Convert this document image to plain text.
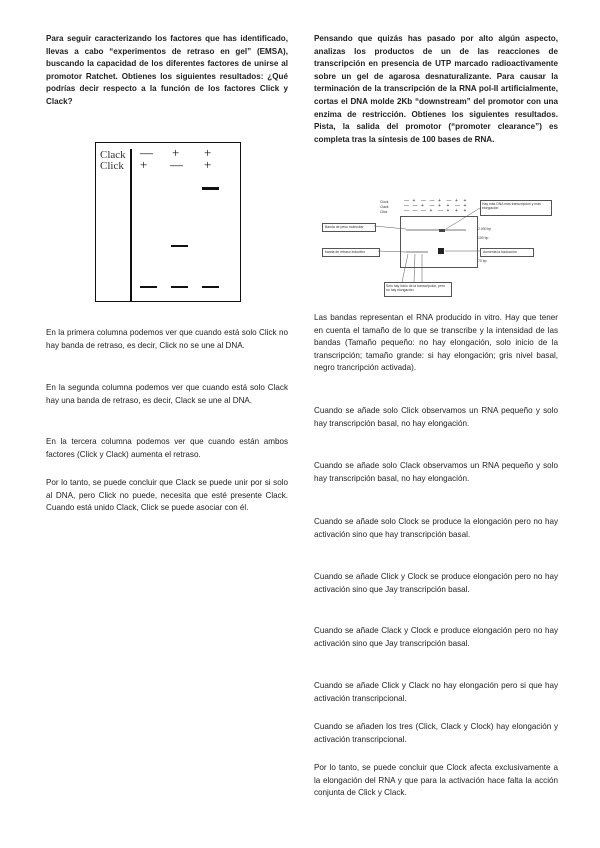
Para seguir caracterizando los factores que has identificado, llevas a cabo “experimentos de retraso en gel” (EMSA), buscando la capacidad de los diferentes factores de unirse al promotor Ratchet. Obtienes los siguientes resultados: ¿Qué podrías decir respecto a la función de los factores Click y Clack?

Clack
Click
— + +
+ — +

En la primera columna podemos ver que cuando está solo Click no hay banda de retraso, es decir, Click no se une al DNA.

En la segunda columna podemos ver que cuando está solo Clack hay una banda de retraso, es decir, Clack se une al DNA.

En la tercera columna podemos ver que cuando están ambos factores (Click y Clack) aumenta el retraso.

Por lo tanto, se puede concluir que Clack se puede unir por si solo al DNA, pero Click no puede, necesita que esté presente Clack. Cuando está unido Clack, Click se puede asociar con él.

Pensando que quizás has pasado por alto algún aspecto, analizas los productos de un de las reacciones de transcripción en presencia de UTP marcado radioactivamente sobre un gel de agarosa desnaturalizante. Para causar la terminación de la transcripción de la RNA pol-II artificialmente, cortas el DNA molde 2Kb “downstream” del promotor con una enzima de restricción. Obtienes los siguientes resultados. Pista, la salida del promotor (“promoter clearance”) es completa tras la síntesis de 100 bases de RNA.

Clock
Clack
Click
— + — — + — + +
— — + — + + — +
— — — + — + + +
2.000 bp
100 bp
70 bp
Hay más DNA más transcripción y más elongación
Banda de peso molecular
banda de retraso inductivo	Aumenta la traducción
Solo hay inicio de la transcripción, pero no hay elongación

Las bandas representan el RNA producido in vitro. Hay que tener en cuenta el tamaño de lo que se transcribe y la intensidad de las bandas (Tamaño pequeño: no hay elongación, solo inicio de la transcripción; tamaño grande: si hay elongación; gris nivel basal, negro trancripción activada).

Cuando se añade solo Click observamos un RNA pequeño y solo hay transcripción basal, no hay elongación.

Cuando se añade solo Clack observamos un RNA pequeño y solo hay transcripción basal, no hay elongación.

Cuando se añade solo Clock se produce la elongación pero no hay activación sino que hay transcripción basal.

Cuando se añade Click y Clock se produce elongación pero no hay activación sino que Jay transcripción basal.

Cuando se añade Clack y Clock e produce elongación pero no hay activación sino que Jay transcripción basal.

Cuando se añade Click y Clack no hay elongación pero si que hay activación transcripcional.

Cuando se añaden los tres (Click, Clack y Clock) hay elongación y activación transcripcional.

Por lo tanto, se puede concluir que Clock afecta exclusivamente a la elongación del RNA y que para la activación hace falta la acción conjunta de Click y Clack.
